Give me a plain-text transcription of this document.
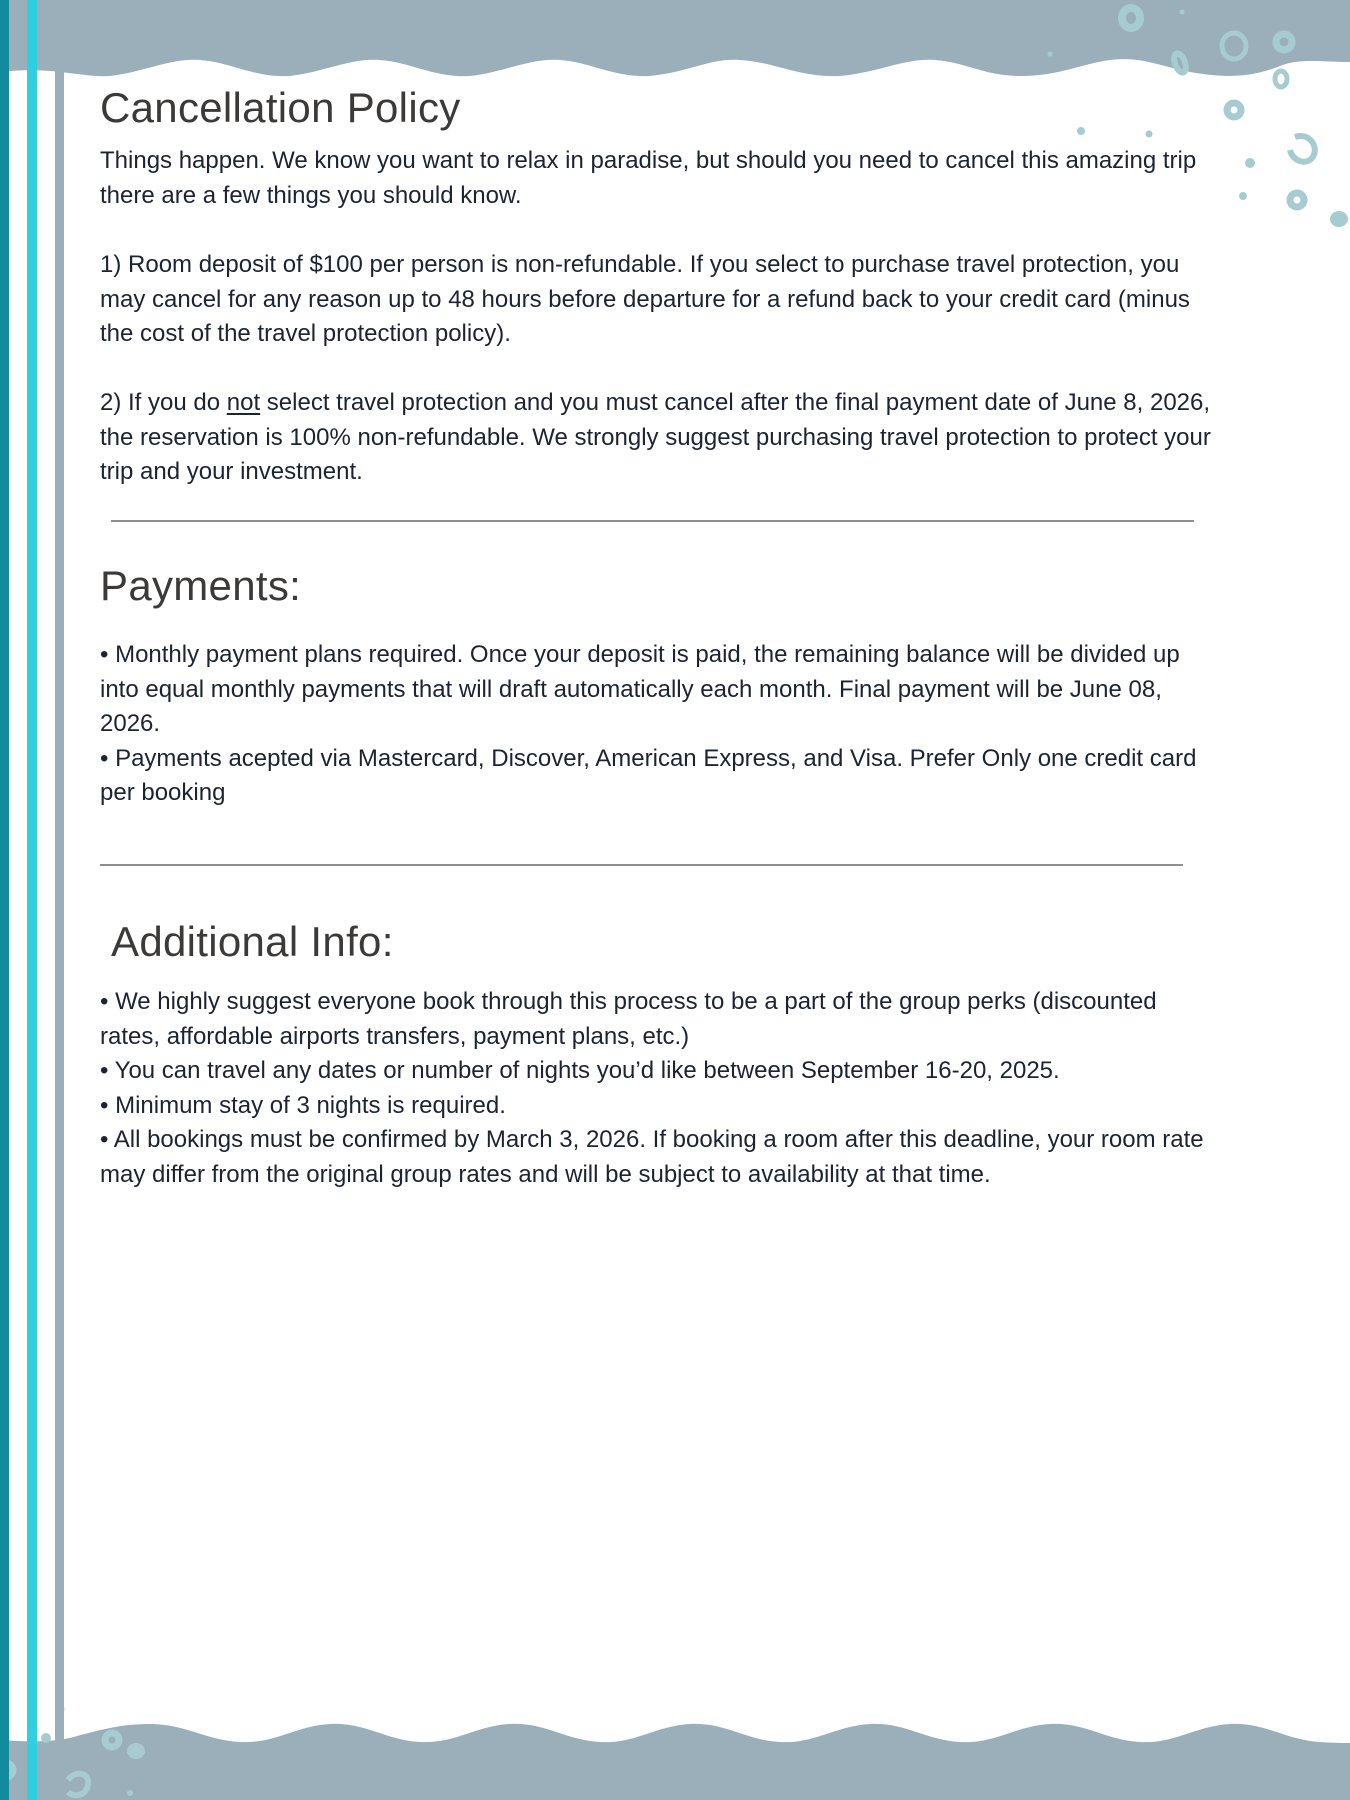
Cancellation Policy

Things happen. We know you want to relax in paradise, but should you need to cancel this amazing trip there are a few things you should know.

1) Room deposit of $100 per person is non-refundable. If you select to purchase travel protection, you may cancel for any reason up to 48 hours before departure for a refund back to your credit card (minus the cost of the travel protection policy).

2) If you do not select travel protection and you must cancel after the final payment date of June 8, 2026, the reservation is 100% non-refundable. We strongly suggest purchasing travel protection to protect your trip and your investment.

Payments:

• Monthly payment plans required. Once your deposit is paid, the remaining balance will be divided up into equal monthly payments that will draft automatically each month. Final payment will be June 08, 2026.

• Payments acepted via Mastercard, Discover, American Express, and Visa. Prefer Only one credit card per booking

Additional Info:

• We highly suggest everyone book through this process to be a part of the group perks (discounted rates, affordable airports transfers, payment plans, etc.)

• You can travel any dates or number of nights you’d like between September 16-20, 2025.

• Minimum stay of 3 nights is required.

• All bookings must be confirmed by March 3, 2026. If booking a room after this deadline, your room rate may differ from the original group rates and will be subject to availability at that time.
